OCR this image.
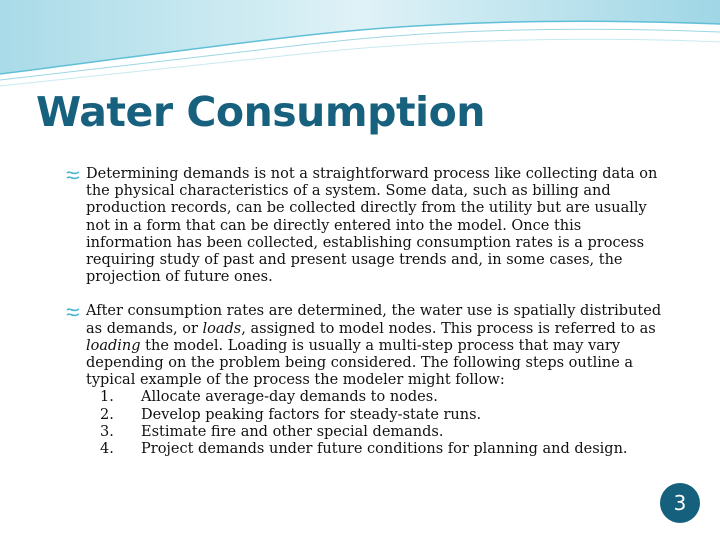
Water Consumption
Determining demands is not a straightforward process like collecting data on the physical characteristics of a system. Some data, such as billing and production records, can be collected directly from the utility but are usually not in a form that can be directly entered into the model. Once this information has been collected, establishing consumption rates is a process requiring study of past and present usage trends and, in some cases, the projection of future ones.
After consumption rates are determined, the water use is spatially distributed as demands, or loads, assigned to model nodes. This process is referred to as loading the model. Loading is usually a multi-step process that may vary depending on the problem being considered. The following steps outline a typical example of the process the modeler might follow:
1.	Allocate average-day demands to nodes.
2.	Develop peaking factors for steady-state runs.
3.	Estimate fire and other special demands.
4.	Project demands under future conditions for planning and design.
3
